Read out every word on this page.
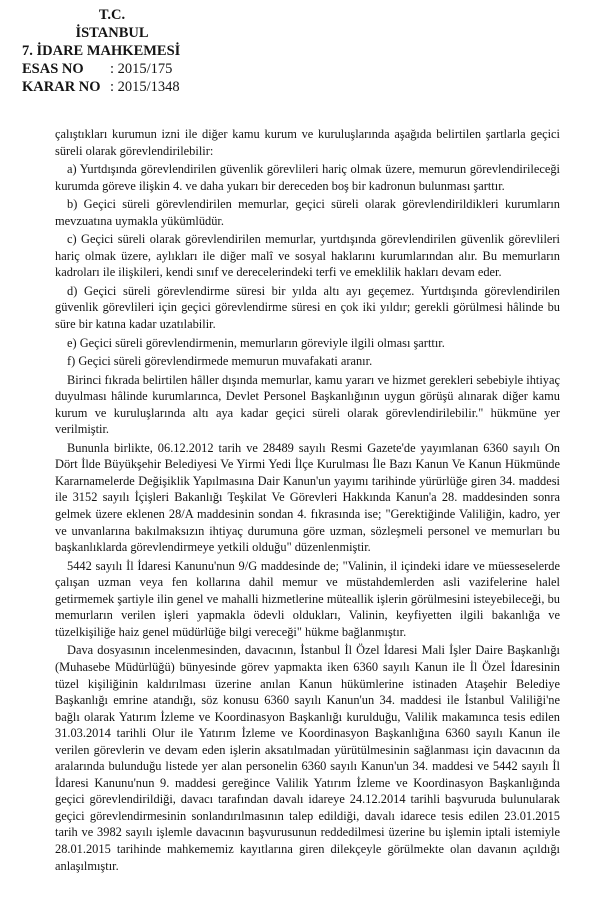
T.C.
İSTANBUL
7. İDARE MAHKEMESİ
ESAS NO	: 2015/175
KARAR NO : 2015/1348

çalıştıkları kurumun izni ile diğer kamu kurum ve kuruluşlarında aşağıda belirtilen şartlarla geçici süreli olarak görevlendirilebilir:

a) Yurtdışında görevlendirilen güvenlik görevlileri hariç olmak üzere, memurun görevlendirileceği kurumda göreve ilişkin 4. ve daha yukarı bir dereceden boş bir kadronun bulunması şarttır.

b) Geçici süreli görevlendirilen memurlar, geçici süreli olarak görevlendirildikleri kurumların mevzuatına uymakla yükümlüdür.

c) Geçici süreli olarak görevlendirilen memurlar, yurtdışında görevlendirilen güvenlik görevlileri hariç olmak üzere, aylıkları ile diğer malî ve sosyal haklarını kurumlarından alır. Bu memurların kadroları ile ilişkileri, kendi sınıf ve derecelerindeki terfi ve emeklilik hakları devam eder.

d) Geçici süreli görevlendirme süresi bir yılda altı ayı geçemez. Yurtdışında görevlendirilen güvenlik görevlileri için geçici görevlendirme süresi en çok iki yıldır; gerekli görülmesi hâlinde bu süre bir katına kadar uzatılabilir.

e) Geçici süreli görevlendirmenin, memurların göreviyle ilgili olması şarttır.

f) Geçici süreli görevlendirmede memurun muvafakati aranır.

Birinci fıkrada belirtilen hâller dışında memurlar, kamu yararı ve hizmet gerekleri sebebiyle ihtiyaç duyulması hâlinde kurumlarınca, Devlet Personel Başkanlığının uygun görüşü alınarak diğer kamu kurum ve kuruluşlarında altı aya kadar geçici süreli olarak görevlendirilebilir." hükmüne yer verilmiştir.

Bununla birlikte, 06.12.2012 tarih ve 28489 sayılı Resmi Gazete'de yayımlanan 6360 sayılı On Dört İlde Büyükşehir Belediyesi Ve Yirmi Yedi İlçe Kurulması İle Bazı Kanun Ve Kanun Hükmünde Kararnamelerde Değişiklik Yapılmasına Dair Kanun'un yayımı tarihinde yürürlüğe giren 34. maddesi ile 3152 sayılı İçişleri Bakanlığı Teşkilat Ve Görevleri Hakkında Kanun'a 28. maddesinden sonra gelmek üzere eklenen 28/A maddesinin sondan 4. fıkrasında ise; "Gerektiğinde Valiliğin, kadro, yer ve unvanlarına bakılmaksızın ihtiyaç durumuna göre uzman, sözleşmeli personel ve memurları bu başkanlıklarda görevlendirmeye yetkili olduğu" düzenlenmiştir.

5442 sayılı İl İdaresi Kanunu'nun 9/G maddesinde de; "Valinin, il içindeki idare ve müesseselerde çalışan uzman veya fen kollarına dahil memur ve müstahdemlerden asli vazifelerine halel getirmemek şartiyle ilin genel ve mahalli hizmetlerine müteallik işlerin görülmesini isteyebileceği, bu memurların verilen işleri yapmakla ödevli oldukları, Valinin, keyfiyetten ilgili bakanlığa ve tüzelkişiliğe haiz genel müdürlüğe bilgi vereceği" hükme bağlanmıştır.

Dava dosyasının incelenmesinden, davacının, İstanbul İl Özel İdaresi Mali İşler Daire Başkanlığı (Muhasebe Müdürlüğü) bünyesinde görev yapmakta iken 6360 sayılı Kanun ile İl Özel İdaresinin tüzel kişiliğinin kaldırılması üzerine anılan Kanun hükümlerine istinaden Ataşehir Belediye Başkanlığı emrine atandığı, söz konusu 6360 sayılı Kanun'un 34. maddesi ile İstanbul Valiliği'ne bağlı olarak Yatırım İzleme ve Koordinasyon Başkanlığı kurulduğu, Valilik makamınca tesis edilen 31.03.2014 tarihli Olur ile Yatırım İzleme ve Koordinasyon Başkanlığına 6360 sayılı Kanun ile verilen görevlerin ve devam eden işlerin aksatılmadan yürütülmesinin sağlanması için davacının da aralarında bulunduğu listede yer alan personelin 6360 sayılı Kanun'un 34. maddesi ve 5442 sayılı İl İdaresi Kanunu'nun 9. maddesi gereğince Valilik Yatırım İzleme ve Koordinasyon Başkanlığında geçici görevlendirildiği, davacı tarafından davalı idareye 24.12.2014 tarihli başvuruda bulunularak geçici görevlendirmesinin sonlandırılmasının talep edildiği, davalı idarece tesis edilen 23.01.2015 tarih ve 3982 sayılı işlemle davacının başvurusunun reddedilmesi üzerine bu işlemin iptali istemiyle 28.01.2015 tarihinde mahkememiz kayıtlarına giren dilekçeyle görülmekte olan davanın açıldığı anlaşılmıştır.
